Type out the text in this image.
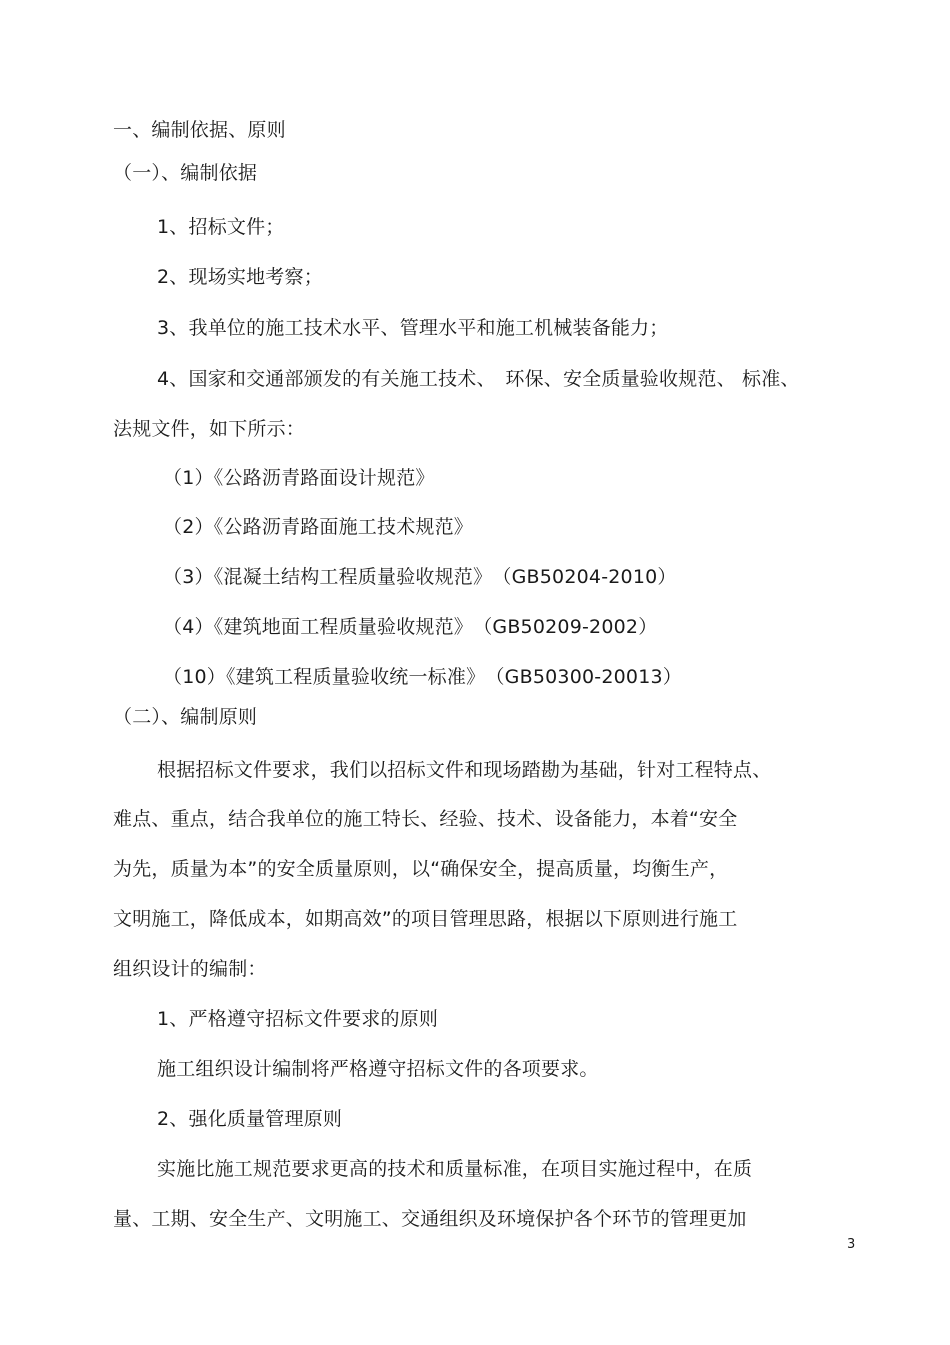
一、编制依据、原则
（一）、编制依据
1、招标文件；
2、现场实地考察；
3、我单位的施工技术水平、管理水平和施工机械装备能力；
4、国家和交通部颁发的有关施工技术、　环保、安全质量验收规范、 标准、
法规文件，如下所示：
（1）《公路沥青路面设计规范》
（2）《公路沥青路面施工技术规范》
（3）《混凝土结构工程质量验收规范》　（GB50204-2010）
（4）《建筑地面工程质量验收规范》　（GB50209-2002）
（10）《建筑工程质量验收统一标准》　（GB50300-20013）
（二）、编制原则
根据招标文件要求，我们以招标文件和现场踏勘为基础，针对工程特点、
难点、重点，结合我单位的施工特长、经验、技术、设备能力，本着“安全
为先，质量为本”的安全质量原则，以“确保安全，提高质量，均衡生产，
文明施工，降低成本，如期高效”的项目管理思路，根据以下原则进行施工
组织设计的编制：
1、严格遵守招标文件要求的原则
施工组织设计编制将严格遵守招标文件的各项要求。
2、强化质量管理原则
实施比施工规范要求更高的技术和质量标准，在项目实施过程中，在质
量、工期、安全生产、文明施工、交通组织及环境保护各个环节的管理更加
3
